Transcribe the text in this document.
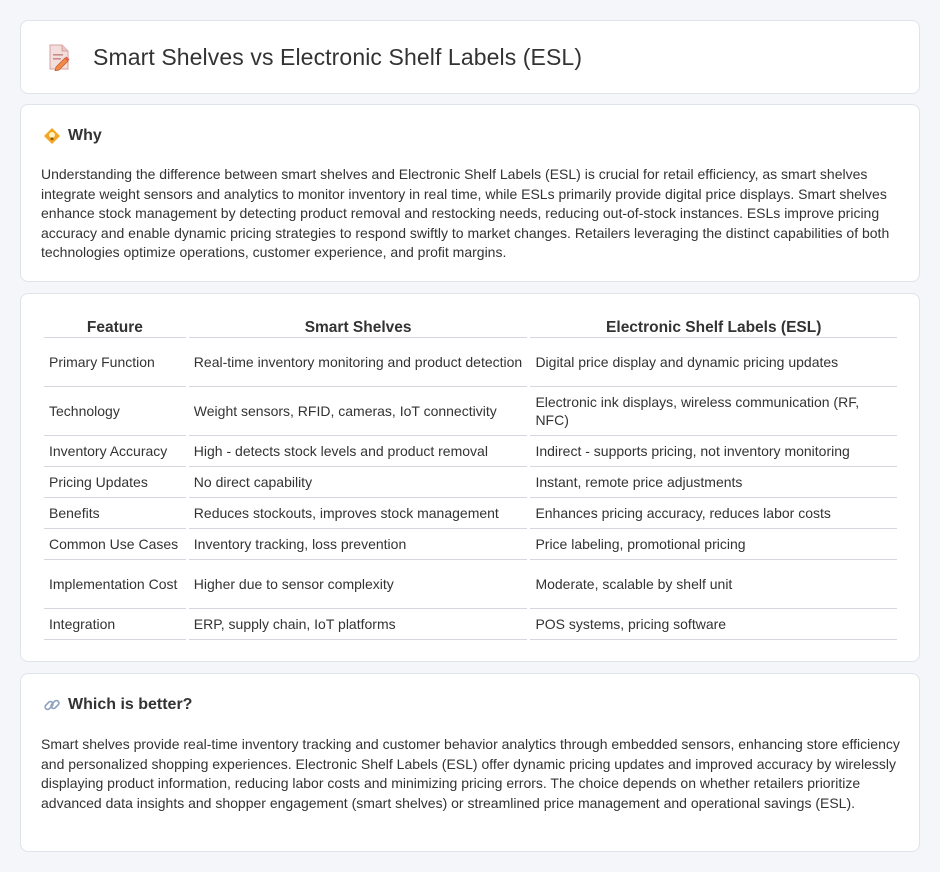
Smart Shelves vs Electronic Shelf Labels (ESL)
Why

Understanding the difference between smart shelves and Electronic Shelf Labels (ESL) is crucial for retail efficiency, as smart shelves integrate weight sensors and analytics to monitor inventory in real time, while ESLs primarily provide digital price displays. Smart shelves enhance stock management by detecting product removal and restocking needs, reducing out-of-stock instances. ESLs improve pricing accuracy and enable dynamic pricing strategies to respond swiftly to market changes. Retailers leveraging the distinct capabilities of both technologies optimize operations, customer experience, and profit margins.

Feature	Smart Shelves	Electronic Shelf Labels (ESL)
Primary Function	Real-time inventory monitoring and product detection	Digital price display and dynamic pricing updates
Technology	Weight sensors, RFID, cameras, IoT connectivity	Electronic ink displays, wireless communication (RF, NFC)
Inventory Accuracy	High - detects stock levels and product removal	Indirect - supports pricing, not inventory monitoring
Pricing Updates	No direct capability	Instant, remote price adjustments
Benefits	Reduces stockouts, improves stock management	Enhances pricing accuracy, reduces labor costs
Common Use Cases	Inventory tracking, loss prevention	Price labeling, promotional pricing
Implementation Cost	Higher due to sensor complexity	Moderate, scalable by shelf unit
Integration	ERP, supply chain, IoT platforms	POS systems, pricing software
Which is better?

Smart shelves provide real-time inventory tracking and customer behavior analytics through embedded sensors, enhancing store efficiency and personalized shopping experiences. Electronic Shelf Labels (ESL) offer dynamic pricing updates and improved accuracy by wirelessly displaying product information, reducing labor costs and minimizing pricing errors. The choice depends on whether retailers prioritize advanced data insights and shopper engagement (smart shelves) or streamlined price management and operational savings (ESL).
